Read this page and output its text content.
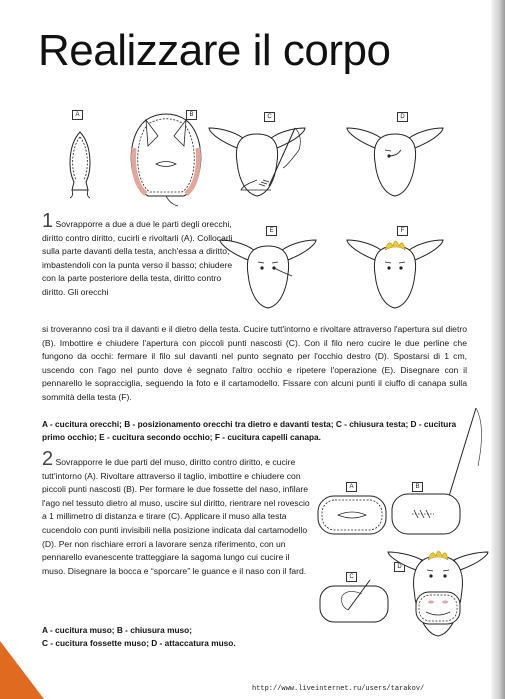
Realizzare il corpo
A	B	C	D
E	F

1 Sovrapporre a due a due le parti degli orecchi, diritto contro diritto, cucirli e rivoltarli (A). Collocarli sulla parte davanti della testa, anch'essa a diritto, imbastendoli con la punta verso il basso; chiudere con la parte posteriore della testa, diritto contro diritto. Gli orecchi

si troveranno così tra il davanti e il dietro della testa. Cucire tutt'intorno e rivoltare attraverso l'apertura sul dietro (B). Imbottire e chiudere l'apertura con piccoli punti nascosti (C). Con il filo nero cucire le due perline che fungono da occhi: fermare il filo sul davanti nel punto segnato per l'occhio destro (D). Spostarsi di 1 cm, uscendo con l'ago nel punto dove è segnato l'altro occhio e ripetere l'operazione (E). Disegnare con il pennarello le sopracciglia, seguendo la foto e il cartamodello. Fissare con alcuni punti il ciuffo di canapa sulla sommità della testa (F).

A - cucitura orecchi; B - posizionamento orecchi tra dietro e davanti testa; C - chiusura testa; D - cucitura primo occhio; E - cucitura secondo occhio; F - cucitura capelli canapa.

A	B
C
D

2 Sovrapporre le due parti del muso, diritto contro diritto, e cucire tutt'intorno (A). Rivoltare attraverso il taglio, imbottire e chiudere con piccoli punti nascosti (B). Per formare le due fossette del naso, infilare l'ago nel tessuto dietro al muso, uscire sul diritto, rientrare nel rovescio a 1 millimetro di distanza e tirare (C). Applicare il muso alla testa cucendolo con punti invisibili nella posizione indicata dal cartamodello (D). Per non rischiare errori a lavorare senza riferimento, con un pennarello evanescente tratteggiare la sagoma lungo cui cucire il muso. Disegnare la bocca e “sporcare” le guance e il naso con il fard.

A - cucitura muso; B - chiusura muso;
C - cucitura fossette muso; D - attaccatura muso.

42
http://www.liveinternet.ru/users/tarakov/
